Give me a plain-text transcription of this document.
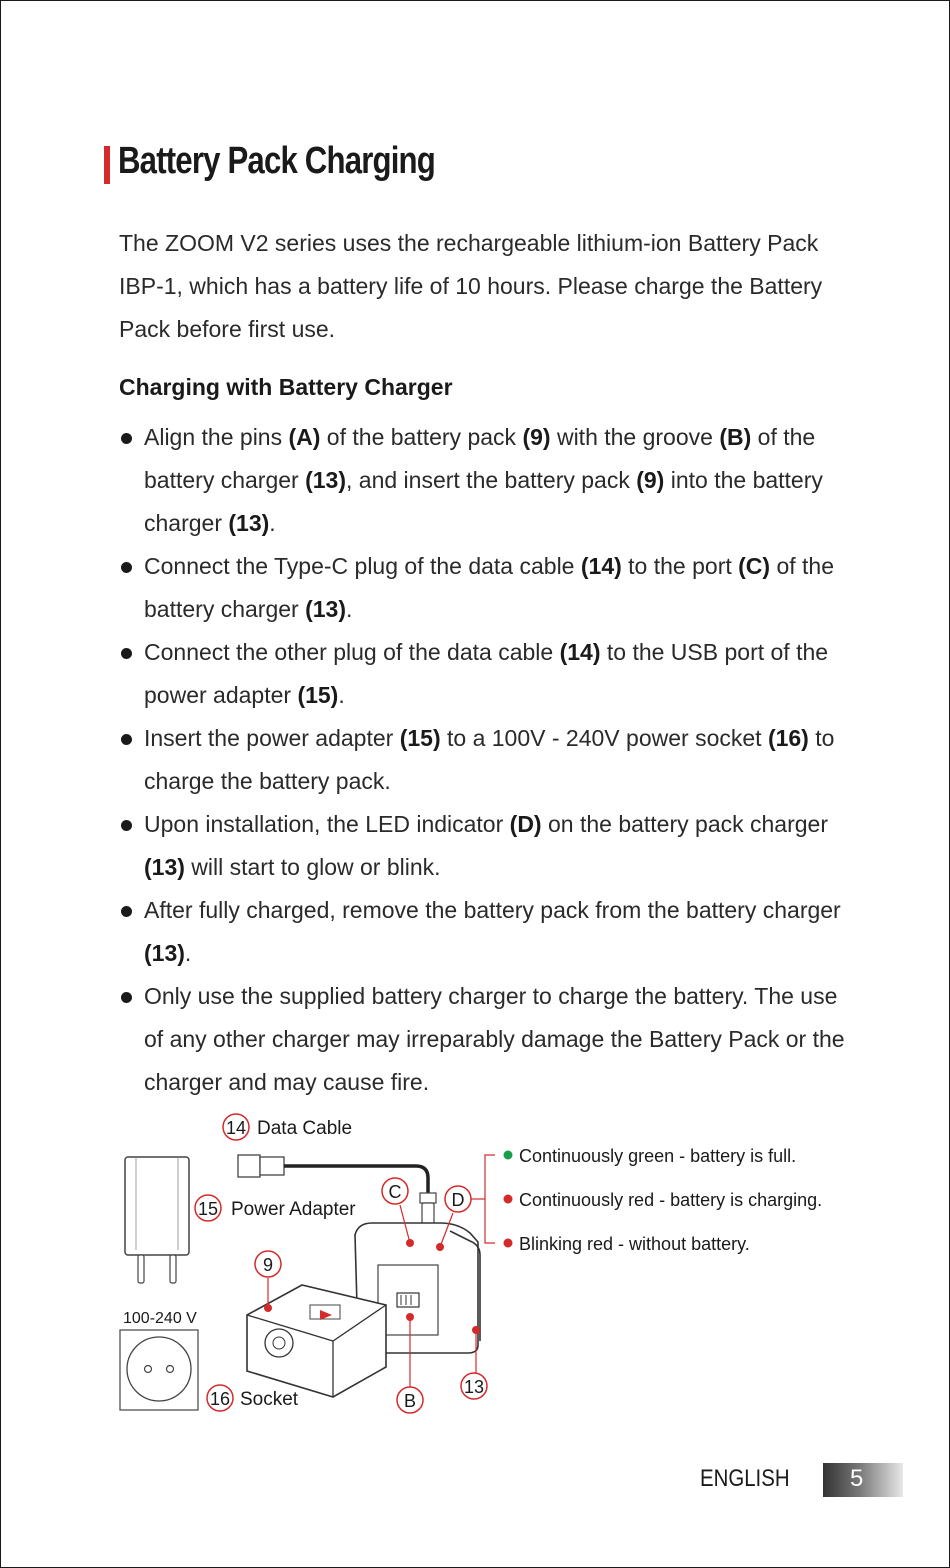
Battery Pack Charging
The ZOOM V2 series uses the rechargeable lithium-ion Battery Pack IBP-1, which has a battery life of 10 hours. Please charge the Battery Pack before first use.
Charging with Battery Charger
Align the pins (A) of the battery pack (9) with the groove (B) of the battery charger (13), and insert the battery pack (9) into the battery charger (13).
Connect the Type-C plug of the data cable (14) to the port (C) of the battery charger (13).
Connect the other plug of the data cable (14) to the USB port of the power adapter (15).
Insert the power adapter (15) to a 100V - 240V power socket (16) to charge the battery pack.
Upon installation, the LED indicator (D) on the battery pack charger (13) will start to glow or blink.
After fully charged, remove the battery pack from the battery charger (13).
Only use the supplied battery charger to charge the battery. The use of any other charger may irreparably damage the Battery Pack or the charger and may cause fire.
14
15
9
16
C	D
B
13
Data Cable
Power Adapter
Socket
100-240 V
Continuously green - battery is full.
Continuously red - battery is charging.
Blinking red - without battery.
ENGLISH	5
